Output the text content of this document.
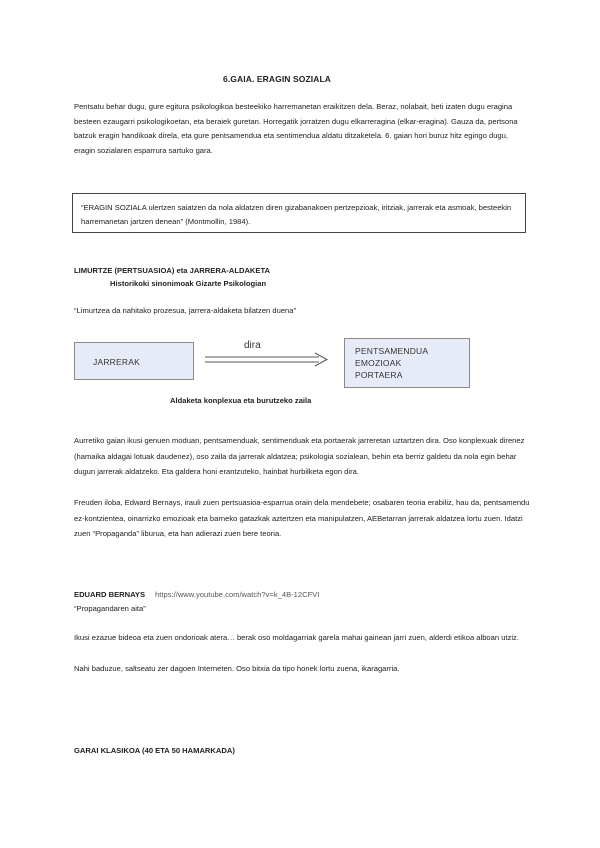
6.GAIA. ERAGIN SOZIALA

Pentsatu behar dugu, gure egitura psikologikoa besteekiko harremanetan eraikitzen dela. Beraz, nolabait, beti izaten dugu eragina besteen ezaugarri psikologikoetan, eta beraiek guretan. Horregatik jorratzen dugu elkarreragina (elkar-eragina). Gauza da, pertsona batzuk eragin handikoak direla, eta gure pentsamendua eta sentimendua aldatu ditzaketela. 6. gaian hori buruz hitz egingo dugu, eragin sozialaren esparrura sartuko gara.

“ERAGIN SOZIALA ulertzen saiatzen da nola aldatzen diren gizabanakoen pertzepzioak, iritziak, jarrerak eta asmoak, besteekin harremanetan jartzen denean” (Montmollin, 1984).
LIMURTZE (PERTSUASIOA) eta JARRERA-ALDAKETA
Historikoki sinonimoak Gizarte Psikologian
“Limurtzea da nahitako prozesua, jarrera-aldaketa bilatzen duena”
JARRERAK
dira	PENTSAMENDUA
EMOZIOAK
PORTAERA
Aldaketa konplexua eta burutzeko zaila

Aurretiko gaian ikusi genuen moduan, pentsamenduak, sentimenduak eta portaerak jarreretan uztartzen dira. Oso konplexuak direnez (hamaika aldagai lotuak daudenez), oso zaila da jarrerak aldatzea; psikologia sozialean, behin eta berriz galdetu da nola egin behar dugun jarrerak aldatzeko. Eta galdera honi erantzuteko, hainbat hurbilketa egon dira.

Freuden iloba, Edward Bernays, irauli zuen pertsuasioa-esparrua orain dela mendebete; osabaren teoria erabiliz, hau da, pentsamendu ez-kontzientea, oinarrizko emozioak eta barneko gatazkak aztertzen eta manipulatzen, AEBetarran jarrerak aldatzea lortu zuen. Idatzi zuen “Propaganda” liburua, eta han adierazi zuen bere teoria.

EDUARD BERNAYS https://www.youtube.com/watch?v=k_4B-12CFVI
“Propagandaren aita”

Ikusi ezazue bideoa eta zuen ondorioak atera… berak oso moldagarriak garela mahai gainean jarri zuen, alderdi etikoa alboan utziz.

Nahi baduzue, saltseatu zer dagoen Interneten. Oso bitxia da tipo honek lortu zuena, ikaragarria.

GARAI KLASIKOA (40 ETA 50 HAMARKADA)
